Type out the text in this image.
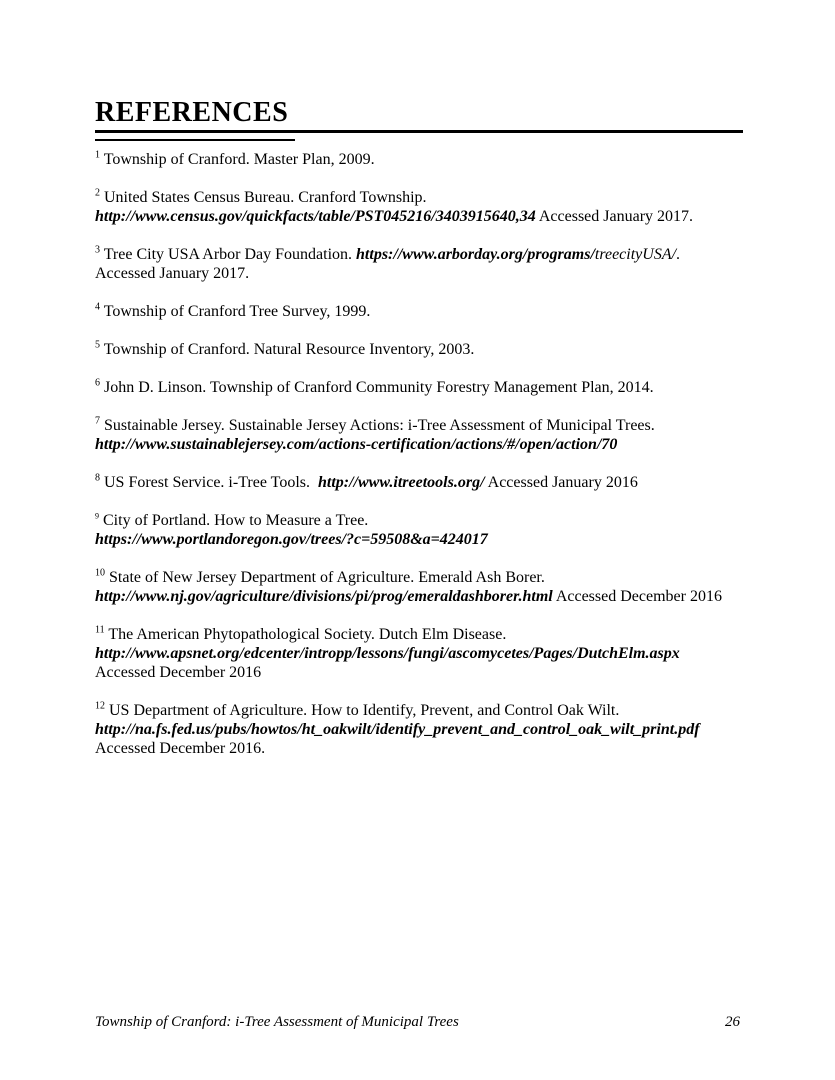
REFERENCES
$^1$ Township of Cranford. Master Plan, 2009.
$^2$ United States Census Bureau. Cranford Township.
http://www.census.gov/quickfacts/table/PST045216/3403915640,34 Accessed January 2017.
$^3$ Tree City USA Arbor Day Foundation. https://www.arborday.org/programs/treecityUSA/.
Accessed January 2017.
$^4$ Township of Cranford Tree Survey, 1999.
$^5$ Township of Cranford. Natural Resource Inventory, 2003.
$^6$ John D. Linson. Township of Cranford Community Forestry Management Plan, 2014.
$^7$ Sustainable Jersey. Sustainable Jersey Actions: i-Tree Assessment of Municipal Trees.
http://www.sustainablejersey.com/actions-certification/actions/#/open/action/70
$^8$ US Forest Service. i-Tree Tools. http://www.itreetools.org/ Accessed January 2016
$^9$ City of Portland. How to Measure a Tree.
https://www.portlandoregon.gov/trees/?c=59508&a=424017
$^{10}$ State of New Jersey Department of Agriculture. Emerald Ash Borer.
http://www.nj.gov/agriculture/divisions/pi/prog/emeraldashborer.html Accessed December 2016
$^{11}$ The American Phytopathological Society. Dutch Elm Disease.
http://www.apsnet.org/edcenter/intropp/lessons/fungi/ascomycetes/Pages/DutchElm.aspx
Accessed December 2016
$^{12}$ US Department of Agriculture. How to Identify, Prevent, and Control Oak Wilt.
http://na.fs.fed.us/pubs/howtos/ht_oakwilt/identify_prevent_and_control_oak_wilt_print.pdf
Accessed December 2016.
Township of Cranford: i-Tree Assessment of Municipal Trees	26
